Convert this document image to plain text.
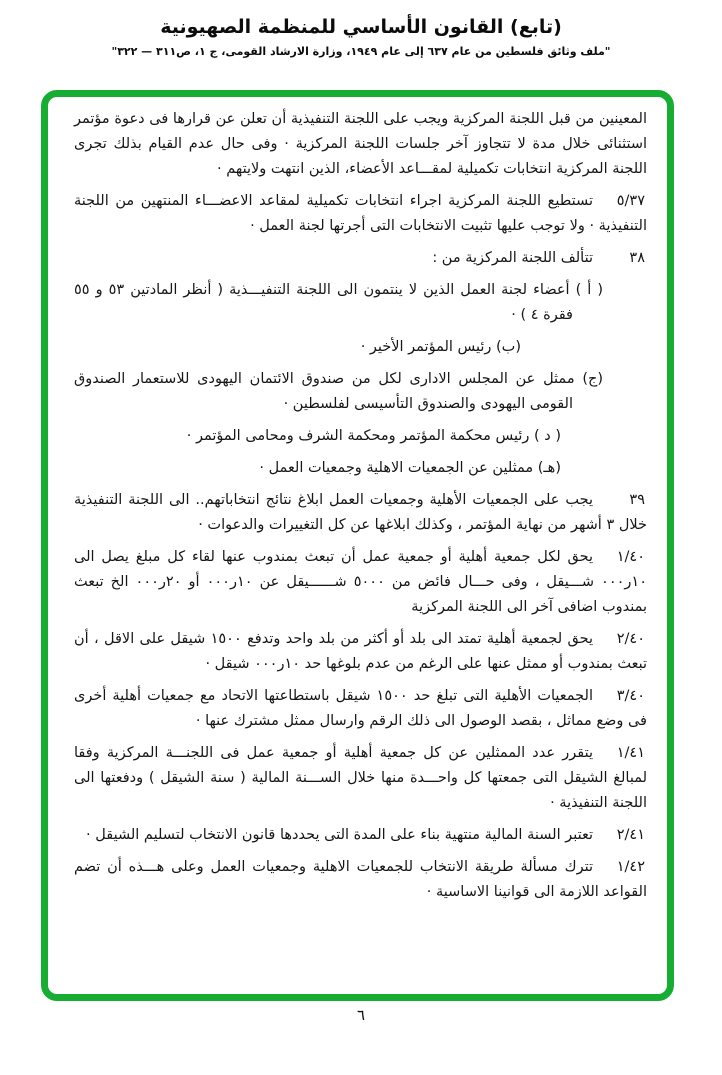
(تابع) القانون الأساسي للمنظمة الصهيونية
"ملف وثائق فلسطين من عام ٦٣٧ إلى عام ١٩٤٩، وزارة الارشاد القومى، ج ١، ص٣١١ — ٣٢٢"

المعينين من قبل اللجنة المركزية ويجب على اللجنة التنفيذية أن تعلن عن قرارها فى دعوة مؤتمر استثنائى خلال مدة لا تتجاوز آخر جلسات اللجنة المركزية · وفى حال عدم القيام بذلك تجرى اللجنة المركزية انتخابات تكميلية لمقـــاعد الأعضاء، الذين انتهت ولايتهم ·

٥/٣٧

تستطيع اللجنة المركزية اجراء انتخابات تكميلية لمقاعد الاعضـــاء المنتهين من اللجنة التنفيذية · ولا توجب عليها تثبيت الانتخابات التى أجرتها لجنة العمل ·

٣٨

تتألف اللجنة المركزية من :

( أ ) أعضاء لجنة العمل الذين لا ينتمون الى اللجنة التنفيـــذية ( أنظر المادتين ٥٣ و ٥٥ فقرة ٤ ) ·

(ب) رئيس المؤتمر الأخير ·

(ج) ممثل عن المجلس الادارى لكل من صندوق الائتمان اليهودى للاستعمار الصندوق القومى اليهودى والصندوق التأسيسى لفلسطين ·

( د ) رئيس محكمة المؤتمر ومحكمة الشرف ومحامى المؤتمر ·

(هـ) ممثلين عن الجمعيات الاهلية وجمعيات العمل ·

٣٩

يجب على الجمعيات الأهلية وجمعيات العمل ابلاغ نتائج انتخاباتهم.. الى اللجنة التنفيذية خلال ٣ أشهر من نهاية المؤتمر ، وكذلك ابلاغها عن كل التغييرات والدعوات ·

١/٤٠

يحق لكل جمعية أهلية أو جمعية عمل أن تبعث بمندوب عنها لقاء كل مبلغ يصل الى ١٠ر٠٠٠ شـــيقل ، وفى حـــال فائض من ٥٠٠٠ شــــــيقل عن ١٠ر٠٠٠ أو ٢٠ر٠٠٠ الخ تبعث بمندوب اضافى آخر الى اللجنة المركزية

٢/٤٠

يحق لجمعية أهلية تمتد الى بلد أو أكثر من بلد واحد وتدفع ١٥٠٠ شيقل على الاقل ، أن تبعث بمندوب أو ممثل عنها على الرغم من عدم بلوغها حد ١٠ر٠٠٠ شيقل ·

٣/٤٠

الجمعيات الأهلية التى تبلغ حد ١٥٠٠ شيقل باستطاعتها الاتحاد مع جمعيات أهلية أخرى فى وضع مماثل ، بقصد الوصول الى ذلك الرقم وارسال ممثل مشترك عنها ·

١/٤١

يتقرر عدد الممثلين عن كل جمعية أهلية أو جمعية عمل فى اللجنـــة المركزية وفقا لمبالغ الشيقل التى جمعتها كل واحـــدة منها خلال الســـنة المالية ( سنة الشيقل ) ودفعتها الى اللجنة التنفيذية ·

٢/٤١

تعتبر السنة المالية منتهية بناء على المدة التى يحددها قانون الانتخاب لتسليم الشيقل ·

١/٤٢

تترك مسألة طريقة الانتخاب للجمعيات الاهلية وجمعيات العمل وعلى هـــذه أن تضم القواعد اللازمة الى قوانينا الاساسية ·

٦
